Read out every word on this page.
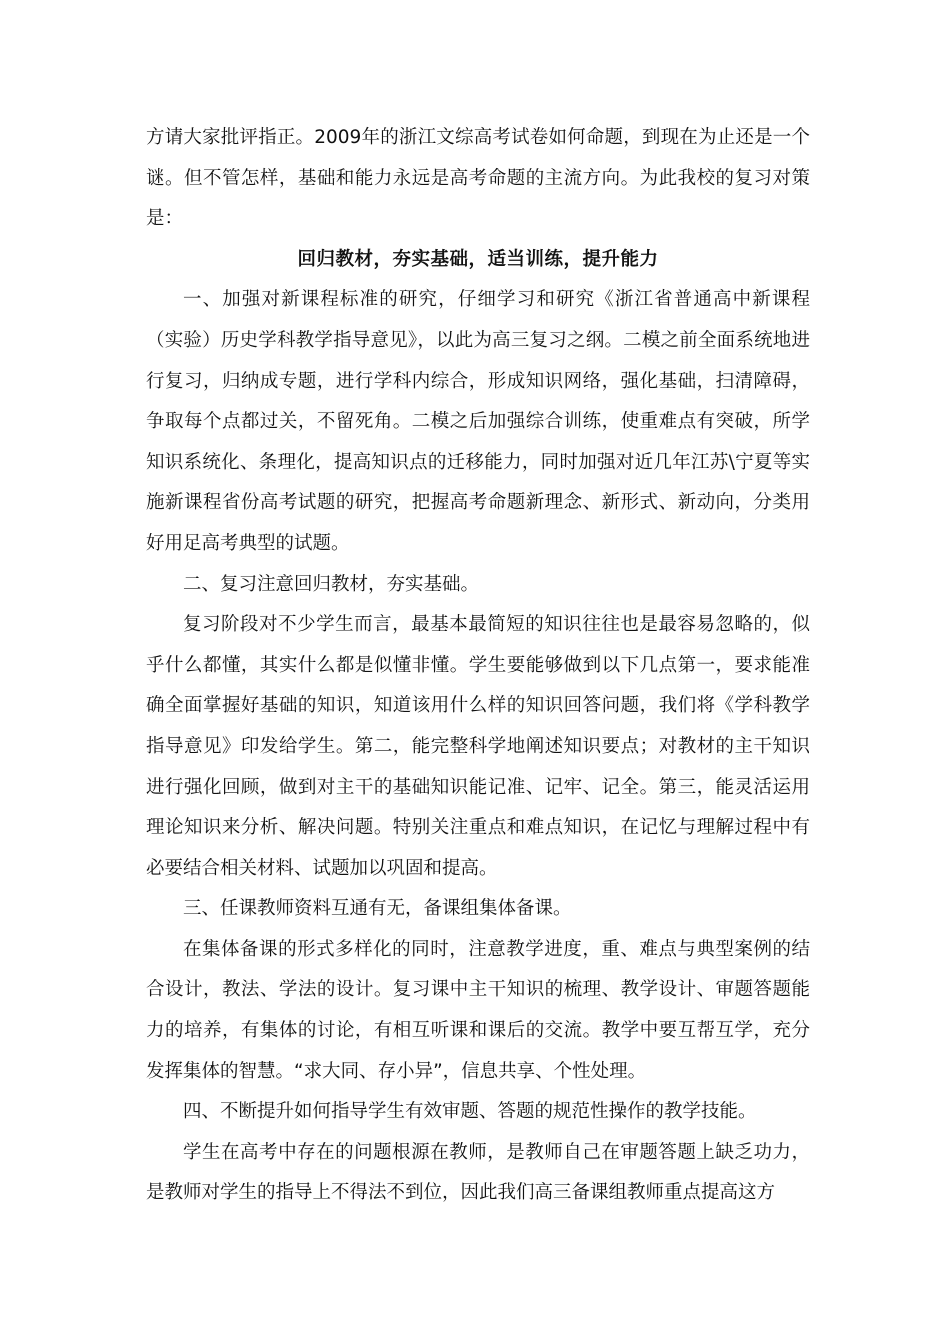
方请大家批评指正。2009年的浙江文综高考试卷如何命题，到现在为止还是一个谜。但不管怎样，基础和能力永远是高考命题的主流方向。为此我校的复习对策是：

回归教材，夯实基础，适当训练，提升能力

一、加强对新课程标准的研究，仔细学习和研究《浙江省普通高中新课程（实验）历史学科教学指导意见》，以此为高三复习之纲。二模之前全面系统地进行复习，归纳成专题，进行学科内综合，形成知识网络，强化基础，扫清障碍，争取每个点都过关，不留死角。二模之后加强综合训练，使重难点有突破，所学知识系统化、条理化，提高知识点的迁移能力，同时加强对近几年江苏\宁夏等实施新课程省份高考试题的研究，把握高考命题新理念、新形式、新动向，分类用好用足高考典型的试题。

二、复习注意回归教材，夯实基础。

复习阶段对不少学生而言，最基本最简短的知识往往也是最容易忽略的，似乎什么都懂，其实什么都是似懂非懂。学生要能够做到以下几点第一，要求能准确全面掌握好基础的知识，知道该用什么样的知识回答问题，我们将《学科教学指导意见》印发给学生。第二，能完整科学地阐述知识要点；对教材的主干知识进行强化回顾，做到对主干的基础知识能记准、记牢、记全。第三，能灵活运用理论知识来分析、解决问题。特别关注重点和难点知识，在记忆与理解过程中有必要结合相关材料、试题加以巩固和提高。

三、任课教师资料互通有无，备课组集体备课。

在集体备课的形式多样化的同时，注意教学进度，重、难点与典型案例的结合设计，教法、学法的设计。复习课中主干知识的梳理、教学设计、审题答题能力的培养，有集体的讨论，有相互听课和课后的交流。教学中要互帮互学，充分发挥集体的智慧。“求大同、存小异”，信息共享、个性处理。

四、不断提升如何指导学生有效审题、答题的规范性操作的教学技能。

学生在高考中存在的问题根源在教师，是教师自己在审题答题上缺乏功力，是教师对学生的指导上不得法不到位，因此我们高三备课组教师重点提高这方
